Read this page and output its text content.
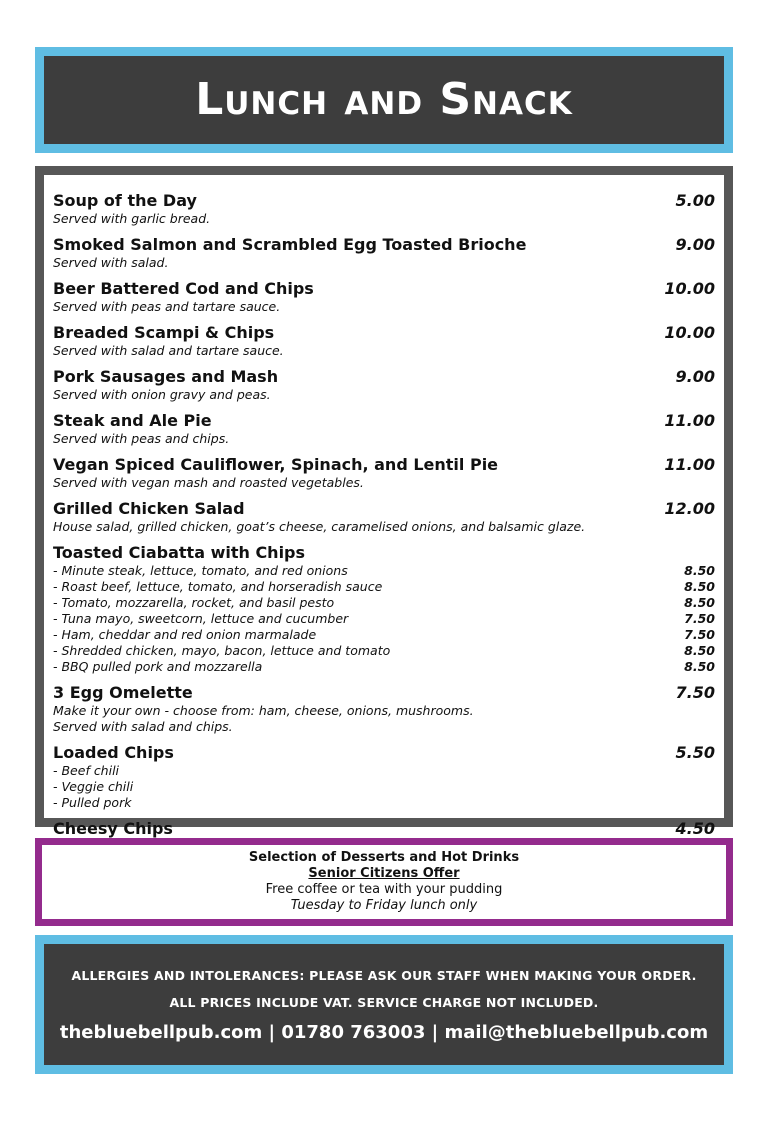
Lunch and Snack
Soup of the Day	5.00
Served with garlic bread.
Smoked Salmon and Scrambled Egg Toasted Brioche	9.00
Served with salad.
Beer Battered Cod and Chips	10.00
Served with peas and tartare sauce.
Breaded Scampi & Chips	10.00
Served with salad and tartare sauce.
Pork Sausages and Mash	9.00
Served with onion gravy and peas.
Steak and Ale Pie	11.00
Served with peas and chips.
Vegan Spiced Cauliflower, Spinach, and Lentil Pie	11.00
Served with vegan mash and roasted vegetables.
Grilled Chicken Salad	12.00
House salad, grilled chicken, goat’s cheese, caramelised onions, and balsamic glaze.
Toasted Ciabatta with Chips
- Minute steak, lettuce, tomato, and red onions	8.50
- Roast beef, lettuce, tomato, and horseradish sauce	8.50
- Tomato, mozzarella, rocket, and basil pesto	8.50
- Tuna mayo, sweetcorn, lettuce and cucumber	7.50
- Ham, cheddar and red onion marmalade	7.50
- Shredded chicken, mayo, bacon, lettuce and tomato	8.50
- BBQ pulled pork and mozzarella	8.50
3 Egg Omelette	7.50
Make it your own - choose from: ham, cheese, onions, mushrooms.
Served with salad and chips.
Loaded Chips	5.50
- Beef chili
- Veggie chili
- Pulled pork
Cheesy Chips	4.50
Selection of Desserts and Hot Drinks
Senior Citizens Offer
Free coffee or tea with your pudding
Tuesday to Friday lunch only
ALLERGIES AND INTOLERANCES: PLEASE ASK OUR STAFF WHEN MAKING YOUR ORDER.
ALL PRICES INCLUDE VAT. SERVICE CHARGE NOT INCLUDED.
thebluebellpub.com | 01780 763003 | mail@thebluebellpub.com
